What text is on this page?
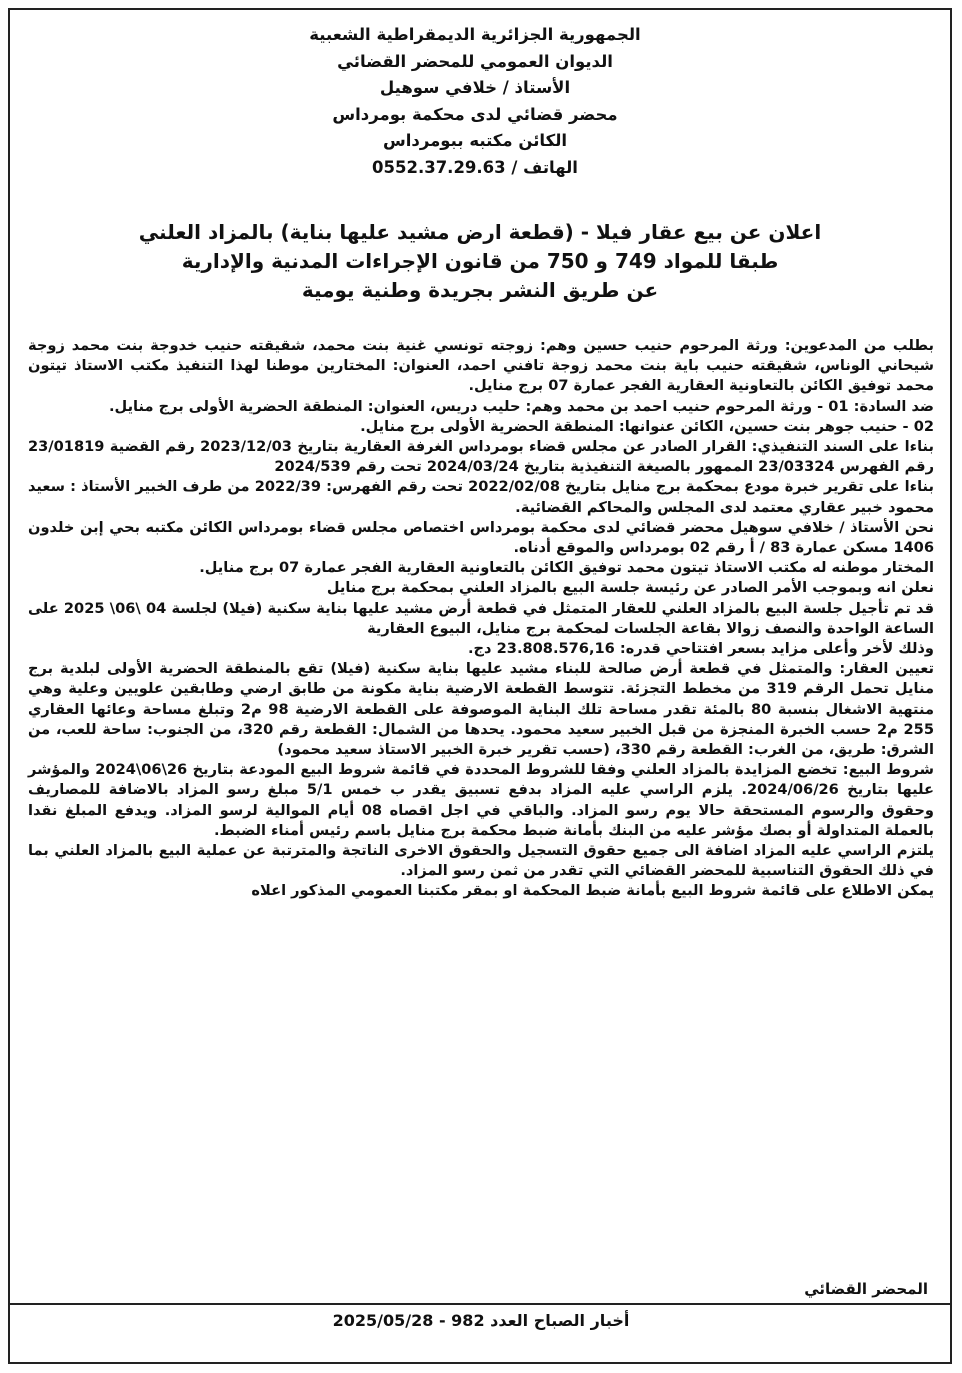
الجمهورية الجزائرية الديمقراطية الشعبية
الديوان العمومي للمحضر القضائي
الأستاذ / خلافي سوهيل
محضر قضائي لدى محكمة بومرداس
الكائن مكتبه ببومرداس
الهاتف / 0552.37.29.63
اعلان عن بيع عقار فيلا - (قطعة ارض مشيد عليها بناية) بالمزاد العلني
طبقا للمواد 749 و 750 من قانون الإجراءات المدنية والإدارية
عن طريق النشر بجريدة وطنية يومية

بطلب من المدعوين: ورثة المرحوم حنيب حسين وهم: زوجته تونسي غنية بنت محمد، شقيقته حنيب خدوجة بنت محمد زوجة شيحاني الوناس، شقيقته حنيب باية بنت محمد زوجة تافني احمد، العنوان: المختارين موطنا لهذا التنفيذ مكتب الاستاذ تيتون محمد توفيق الكائن بالتعاونية العقارية الفجر عمارة 07 برج منايل.

ضد السادة: 01 - ورثة المرحوم حنيب احمد بن محمد وهم: حليب دريس، العنوان: المنطقة الحضرية الأولى برج منايل.

02 - حنيب جوهر بنت حسين، الكائن عنوانها: المنطقة الحضرية الأولى برج منايل.

بناءا على السند التنفيذي: القرار الصادر عن مجلس قضاء بومرداس الغرفة العقارية بتاريخ 2023/12/03 رقم القضية 23/01819 رقم الفهرس 23/03324 الممهور بالصيغة التنفيذية بتاريخ 2024/03/24 تحت رقم 2024/539

بناءا على تقرير خبرة مودع بمحكمة برج منايل بتاريخ 2022/02/08 تحت رقم الفهرس: 2022/39 من طرف الخبير الأستاذ : سعيد محمود خبير عقاري معتمد لدى المجلس والمحاكم القضائية.

نحن الأستاذ / خلافي سوهيل محضر قضائي لدى محكمة بومرداس اختصاص مجلس قضاء بومرداس الكائن مكتبه بحي إبن خلدون 1406 مسكن عمارة 83 / أ رقم 02 بومرداس والموقع أدناه.

المختار موطنه له مكتب الاستاذ تيتون محمد توفيق الكائن بالتعاونية العقارية الفجر عمارة 07 برج منايل.

نعلن انه وبموجب الأمر الصادر عن رئيسة جلسة البيع بالمزاد العلني بمحكمة برج منايل

قد تم تأجيل جلسة البيع بالمزاد العلني للعقار المتمثل في قطعة أرض مشيد عليها بناية سكنية (فيلا) لجلسة 04 \06\ 2025 على الساعة الواحدة والنصف زوالا بقاعة الجلسات لمحكمة برج منايل، البيوع العقارية

وذلك لأخر وأعلى مزايد بسعر افتتاحي قدره: 23.808.576,16 دج.

تعيين العقار: والمتمثل في قطعة أرض صالحة للبناء مشيد عليها بناية سكنية (فيلا) تقع بالمنطقة الحضرية الأولى لبلدية برج منايل تحمل الرقم 319 من مخطط التجزئة. تتوسط القطعة الارضية بناية مكونة من طابق ارضي وطابقين علويين وعلية وهي منتهية الاشغال بنسبة 80 بالمئة تقدر مساحة تلك البناية الموصوفة على القطعة الارضية 98 م2 وتبلغ مساحة وعائها العقاري 255 م2 حسب الخبرة المنجزة من قبل الخبير سعيد محمود. يحدها من الشمال: القطعة رقم 320، من الجنوب: ساحة للعب، من الشرق: طريق، من الغرب: القطعة رقم 330، (حسب تقرير خبرة الخبير الاستاذ سعيد محمود)

شروط البيع: تخضع المزايدة بالمزاد العلني وفقا للشروط المحددة في قائمة شروط البيع المودعة بتاريخ 26\06\2024 والمؤشر عليها بتاريخ 2024/06/26. يلزم الراسي عليه المزاد بدفع تسبيق يقدر ب خمس 5/1 مبلغ رسو المزاد بالاضافة للمصاريف وحقوق والرسوم المستحقة حالا يوم رسو المزاد. والباقي في اجل اقصاه 08 أيام الموالية لرسو المزاد. ويدفع المبلغ نقدا بالعملة المتداولة أو بصك مؤشر عليه من البنك بأمانة ضبط محكمة برج منايل باسم رئيس أمناء الضبط.

يلتزم الراسي عليه المزاد اضافة الى جميع حقوق التسجيل والحقوق الاخرى الناتجة والمترتبة عن عملية البيع بالمزاد العلني بما في ذلك الحقوق التناسبية للمحضر القضائي التي تقدر من ثمن رسو المزاد.

يمكن الاطلاع على قائمة شروط البيع بأمانة ضبط المحكمة او بمقر مكتبنا العمومي المذكور اعلاه

المحضر القضائي
أخبار الصباح العدد 982 - 2025/05/28
